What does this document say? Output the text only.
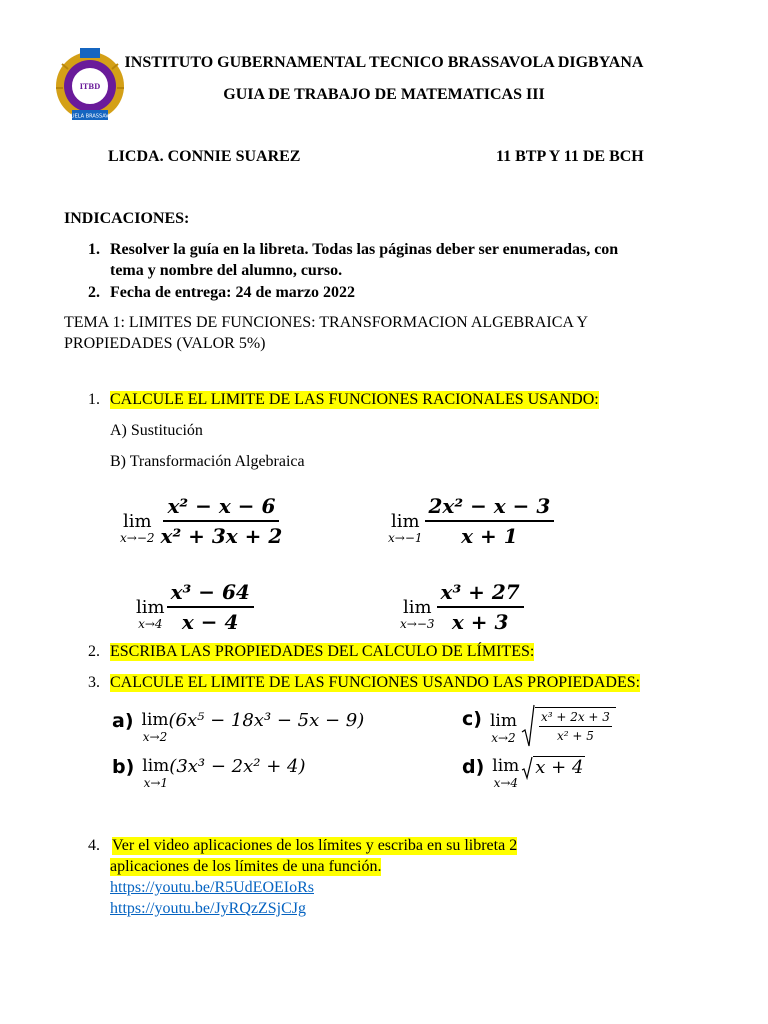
ESCUELA BRASSAVOLA
ITBD
INSTITUTO GUBERNAMENTAL TECNICO BRASSAVOLA DIGBYANA
GUIA DE TRABAJO DE MATEMATICAS III
LICDA. CONNIE SUAREZ	11 BTP Y 11 DE BCH
INDICACIONES:
1. Resolver la guía en la libreta. Todas las páginas deber ser enumeradas, con
tema y nombre del alumno, curso.
2. Fecha de entrega: 24 de marzo 2022
TEMA 1: LIMITES DE FUNCIONES: TRANSFORMACION ALGEBRAICA Y
PROPIEDADES (VALOR 5%)
1. CALCULE EL LIMITE DE LAS FUNCIONES RACIONALES USANDO:
A) Sustitución
B) Transformación Algebraica
lim
$x\to-2 \frac{\text{x² − x − 6}}{\text{x² + 3x + 2}}$	lim
$x\to-1 \frac{\text{2x² − x − 3}}{x + 1}$
lim
$x\to 4 \frac{\text{x³ − 64}}{x - 4}$	lim
$x\to-3 \frac{\text{x³ + 27}}{x + 3}$
2. ESCRIBA LAS PROPIEDADES DEL CALCULO DE LÍMITES:
3. CALCULE EL LIMITE DE LAS FUNCIONES USANDO LAS PROPIEDADES:
a) lim
x→2
(6x⁵ − 18x³ − 5x − 9)	c) lim
$x\to 2 \frac{\text{x³ + 2x + 3}}{\text{x² + 5}}$
b) lim
x→1
(3x³ − 2x² + 4)	d) lim
x→4
x + 4
4. Ver el video aplicaciones de los límites y escriba en su libreta 2
aplicaciones de los límites de una función.
https://youtu.be/R5UdEOEIoRs
https://youtu.be/JyRQzZSjCJg
